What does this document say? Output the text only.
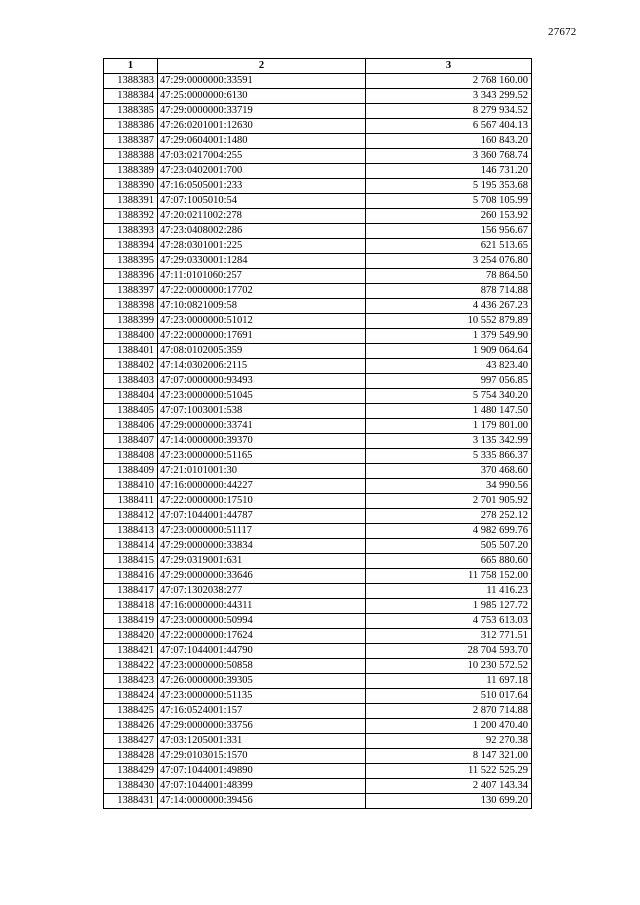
27672
1	2	3
1388383	47:29:0000000:33591	2 768 160.00
1388384	47:25:0000000:6130	3 343 299.52
1388385	47:29:0000000:33719	8 279 934.52
1388386	47:26:0201001:12630	6 567 404.13
1388387	47:29:0604001:1480	160 843.20
1388388	47:03:0217004:255	3 360 768.74
1388389	47:23:0402001:700	146 731.20
1388390	47:16:0505001:233	5 195 353.68
1388391	47:07:1005010:54	5 708 105.99
1388392	47:20:0211002:278	260 153.92
1388393	47:23:0408002:286	156 956.67
1388394	47:28:0301001:225	621 513.65
1388395	47:29:0330001:1284	3 254 076.80
1388396	47:11:0101060:257	78 864.50
1388397	47:22:0000000:17702	878 714.88
1388398	47:10:0821009:58	4 436 267.23
1388399	47:23:0000000:51012	10 552 879.89
1388400	47:22:0000000:17691	1 379 549.90
1388401	47:08:0102005:359	1 909 064.64
1388402	47:14:0302006:2115	43 823.40
1388403	47:07:0000000:93493	997 056.85
1388404	47:23:0000000:51045	5 754 340.20
1388405	47:07:1003001:538	1 480 147.50
1388406	47:29:0000000:33741	1 179 801.00
1388407	47:14:0000000:39370	3 135 342.99
1388408	47:23:0000000:51165	5 335 866.37
1388409	47:21:0101001:30	370 468.60
1388410	47:16:0000000:44227	34 990.56
1388411	47:22:0000000:17510	2 701 905.92
1388412	47:07:1044001:44787	278 252.12
1388413	47:23:0000000:51117	4 982 699.76
1388414	47:29:0000000:33834	505 507.20
1388415	47:29:0319001:631	665 880.60
1388416	47:29:0000000:33646	11 758 152.00
1388417	47:07:1302038:277	11 416.23
1388418	47:16:0000000:44311	1 985 127.72
1388419	47:23:0000000:50994	4 753 613.03
1388420	47:22:0000000:17624	312 771.51
1388421	47:07:1044001:44790	28 704 593.70
1388422	47:23:0000000:50858	10 230 572.52
1388423	47:26:0000000:39305	11 697.18
1388424	47:23:0000000:51135	510 017.64
1388425	47:16:0524001:157	2 870 714.88
1388426	47:29:0000000:33756	1 200 470.40
1388427	47:03:1205001:331	92 270.38
1388428	47:29:0103015:1570	8 147 321.00
1388429	47:07:1044001:49890	11 522 525.29
1388430	47:07:1044001:48399	2 407 143.34
1388431	47:14:0000000:39456	130 699.20
